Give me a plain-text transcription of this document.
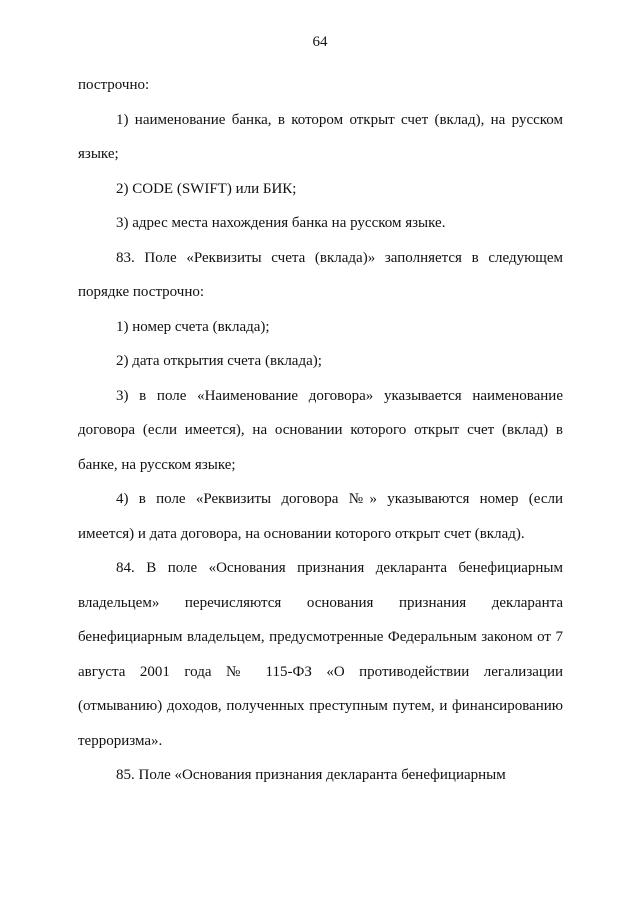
64

построчно:

1) наименование банка, в котором открыт счет (вклад), на русском языке;

2) CODE (SWIFT) или БИК;

3) адрес места нахождения банка на русском языке.

83. Поле «Реквизиты счета (вклада)» заполняется в следующем порядке построчно:

1) номер счета (вклада);

2) дата открытия счета (вклада);

3) в поле «Наименование договора» указывается наименование договора (если имеется), на основании которого открыт счет (вклад) в банке, на русском языке;

4) в поле «Реквизиты договора №» указываются номер (если имеется) и дата договора, на основании которого открыт счет (вклад).

84. В поле «Основания признания декларанта бенефициарным владельцем» перечисляются основания признания декларанта бенефициарным владельцем, предусмотренные Федеральным законом от 7 августа 2001 года № 115-ФЗ «О противодействии легализации (отмыванию) доходов, полученных преступным путем, и финансированию терроризма».

85. Поле «Основания признания декларанта бенефициарным
